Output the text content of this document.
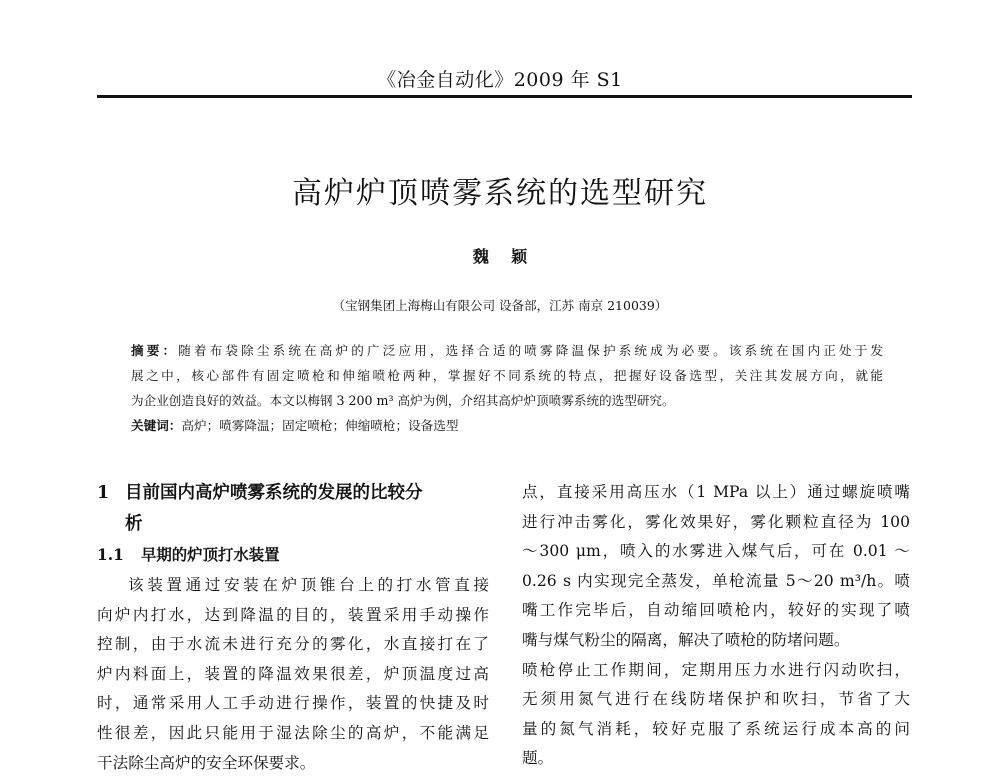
《冶金自动化》2009 年 S1
高炉炉顶喷雾系统的选型研究
魏    颖
（宝钢集团上海梅山有限公司 设备部，江苏 南京 210039）
摘要：随着布袋除尘系统在高炉的广泛应用，选择合适的喷雾降温保护系统成为必要。该系统在国内正处于发
展之中，核心部件有固定喷枪和伸缩喷枪两种，掌握好不同系统的特点，把握好设备选型，关注其发展方向，就能
为企业创造良好的效益。本文以梅钢 3 200 m³ 高炉为例，介绍其高炉炉顶喷雾系统的选型研究。
关键词：高炉；喷雾降温；固定喷枪；伸缩喷枪；设备选型
1 目前国内高炉喷雾系统的发展的比较分
析
1.1 早期的炉顶打水装置
该装置通过安装在炉顶锥台上的打水管直接
向炉内打水，达到降温的目的，装置采用手动操作
控制，由于水流未进行充分的雾化，水直接打在了
炉内料面上，装置的降温效果很差，炉顶温度过高
时，通常采用人工手动进行操作，装置的快捷及时
性很差，因此只能用于湿法除尘的高炉，不能满足
干法除尘高炉的安全环保要求。
点，直接采用高压水（1 MPa 以上）通过螺旋喷嘴
进行冲击雾化，雾化效果好，雾化颗粒直径为 100
～300 μm，喷入的水雾进入煤气后，可在 0.01 ～
0.26 s 内实现完全蒸发，单枪流量 5～20 m³/h。喷
嘴工作完毕后，自动缩回喷枪内，较好的实现了喷
嘴与煤气粉尘的隔离，解决了喷枪的防堵问题。
喷枪停止工作期间，定期用压力水进行闪动吹扫，
无须用氮气进行在线防堵保护和吹扫，节省了大
量的氮气消耗，较好克服了系统运行成本高的问
题。
